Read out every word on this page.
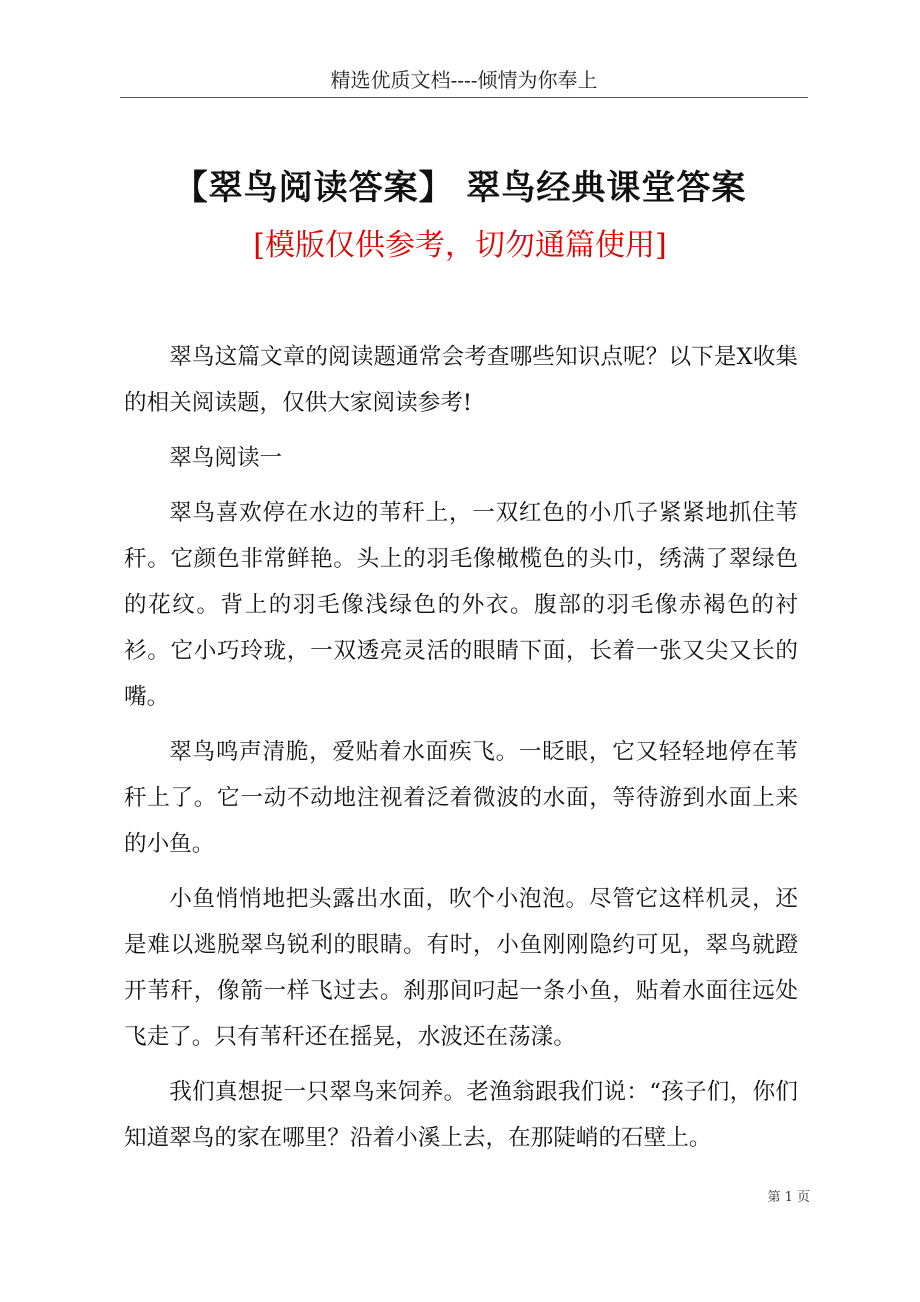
精选优质文档----倾情为你奉上
【翠鸟阅读答案】 翠鸟经典课堂答案
[模版仅供参考，切勿通篇使用]

翠鸟这篇文章的阅读题通常会考查哪些知识点呢？以下是X收集的相关阅读题，仅供大家阅读参考!

翠鸟阅读一

翠鸟喜欢停在水边的苇秆上，一双红色的小爪子紧紧地抓住苇秆。它颜色非常鲜艳。头上的羽毛像橄榄色的头巾，绣满了翠绿色的花纹。背上的羽毛像浅绿色的外衣。腹部的羽毛像赤褐色的衬衫。它小巧玲珑，一双透亮灵活的眼睛下面，长着一张又尖又长的嘴。

翠鸟鸣声清脆，爱贴着水面疾飞。一眨眼，它又轻轻地停在苇秆上了。它一动不动地注视着泛着微波的水面，等待游到水面上来的小鱼。

小鱼悄悄地把头露出水面，吹个小泡泡。尽管它这样机灵，还是难以逃脱翠鸟锐利的眼睛。有时，小鱼刚刚隐约可见，翠鸟就蹬开苇秆，像箭一样飞过去。刹那间叼起一条小鱼，贴着水面往远处飞走了。只有苇秆还在摇晃，水波还在荡漾。

我们真想捉一只翠鸟来饲养。老渔翁跟我们说：“孩子们，你们知道翠鸟的家在哪里？沿着小溪上去，在那陡峭的石壁上。

第 1 页
